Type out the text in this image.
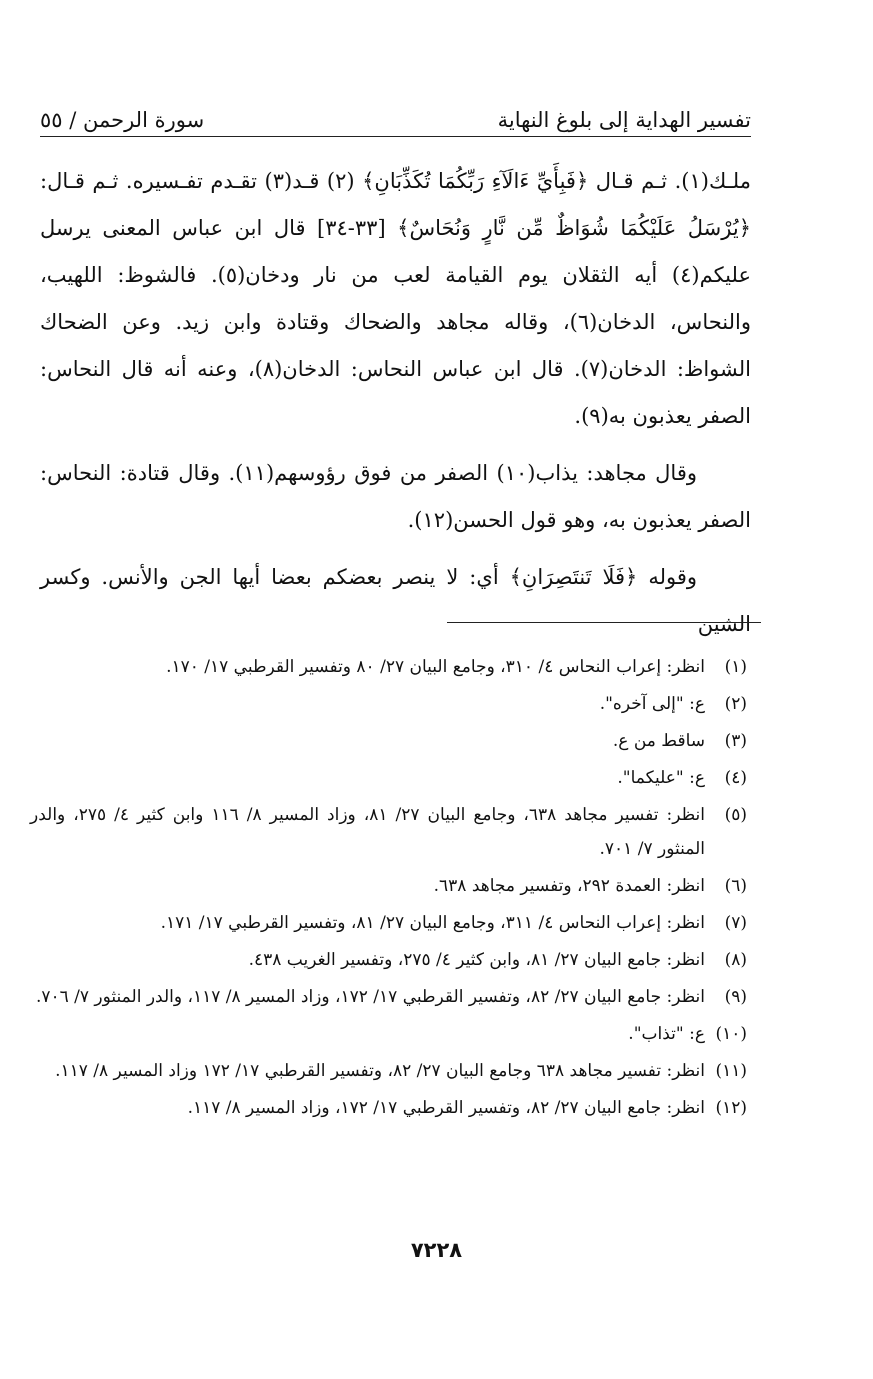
تفسير الهداية إلى بلوغ النهاية
سورة الرحمن / ٥٥

ملـك(١). ثـم قـال ﴿فَبِأَيِّ ءَالَآءِ رَبِّكُمَا تُكَذِّبَانِ﴾ (٢) قـد(٣) تقـدم تفـسيره. ثـم قـال: ﴿يُرْسَلُ عَلَيْكُمَا شُوَاظٌ مِّن نَّارٍ وَنُحَاسٌ﴾ [٣٣-٣٤] قال ابن عباس المعنى يرسل عليكم(٤) أيه الثقلان يوم القيامة لعب من نار ودخان(٥). فالشوظ: اللهيب، والنحاس، الدخان(٦)، وقاله مجاهد والضحاك وقتادة وابن زيد. وعن الضحاك الشواظ: الدخان(٧). قال ابن عباس النحاس: الدخان(٨)، وعنه أنه قال النحاس: الصفر يعذبون به(٩).

وقال مجاهد: يذاب(١٠) الصفر من فوق رؤوسهم(١١). وقال قتادة: النحاس: الصفر يعذبون به، وهو قول الحسن(١٢).

وقوله ﴿فَلَا تَنتَصِرَانِ﴾ أي: لا ينصر بعضكم بعضا أيها الجن والأنس. وكسر الشين

(١)
انظر: إعراب النحاس ٤/ ٣١٠، وجامع البيان ٢٧/ ٨٠ وتفسير القرطبي ١٧/ ١٧٠.
(٢)
ع: "إلى آخره".
(٣)
ساقط من ع.
(٤)
ع: "عليكما".
(٥)
انظر: تفسير مجاهد ٦٣٨، وجامع البيان ٢٧/ ٨١، وزاد المسير ٨/ ١١٦ وابن كثير ٤/ ٢٧٥، والدر المنثور ٧/ ٧٠١.
(٦)
انظر: العمدة ٢٩٢، وتفسير مجاهد ٦٣٨.
(٧)
انظر: إعراب النحاس ٤/ ٣١١، وجامع البيان ٢٧/ ٨١، وتفسير القرطبي ١٧/ ١٧١.
(٨)
انظر: جامع البيان ٢٧/ ٨١، وابن كثير ٤/ ٢٧٥، وتفسير الغريب ٤٣٨.
(٩)
انظر: جامع البيان ٢٧/ ٨٢، وتفسير القرطبي ١٧/ ١٧٢، وزاد المسير ٨/ ١١٧، والدر المنثور ٧/ ٧٠٦.
(١٠)
ع: "تذاب".
(١١)
انظر: تفسير مجاهد ٦٣٨ وجامع البيان ٢٧/ ٨٢، وتفسير القرطبي ١٧/ ١٧٢ وزاد المسير ٨/ ١١٧.
(١٢)
انظر: جامع البيان ٢٧/ ٨٢، وتفسير القرطبي ١٧/ ١٧٢، وزاد المسير ٨/ ١١٧.
٧٢٢٨
